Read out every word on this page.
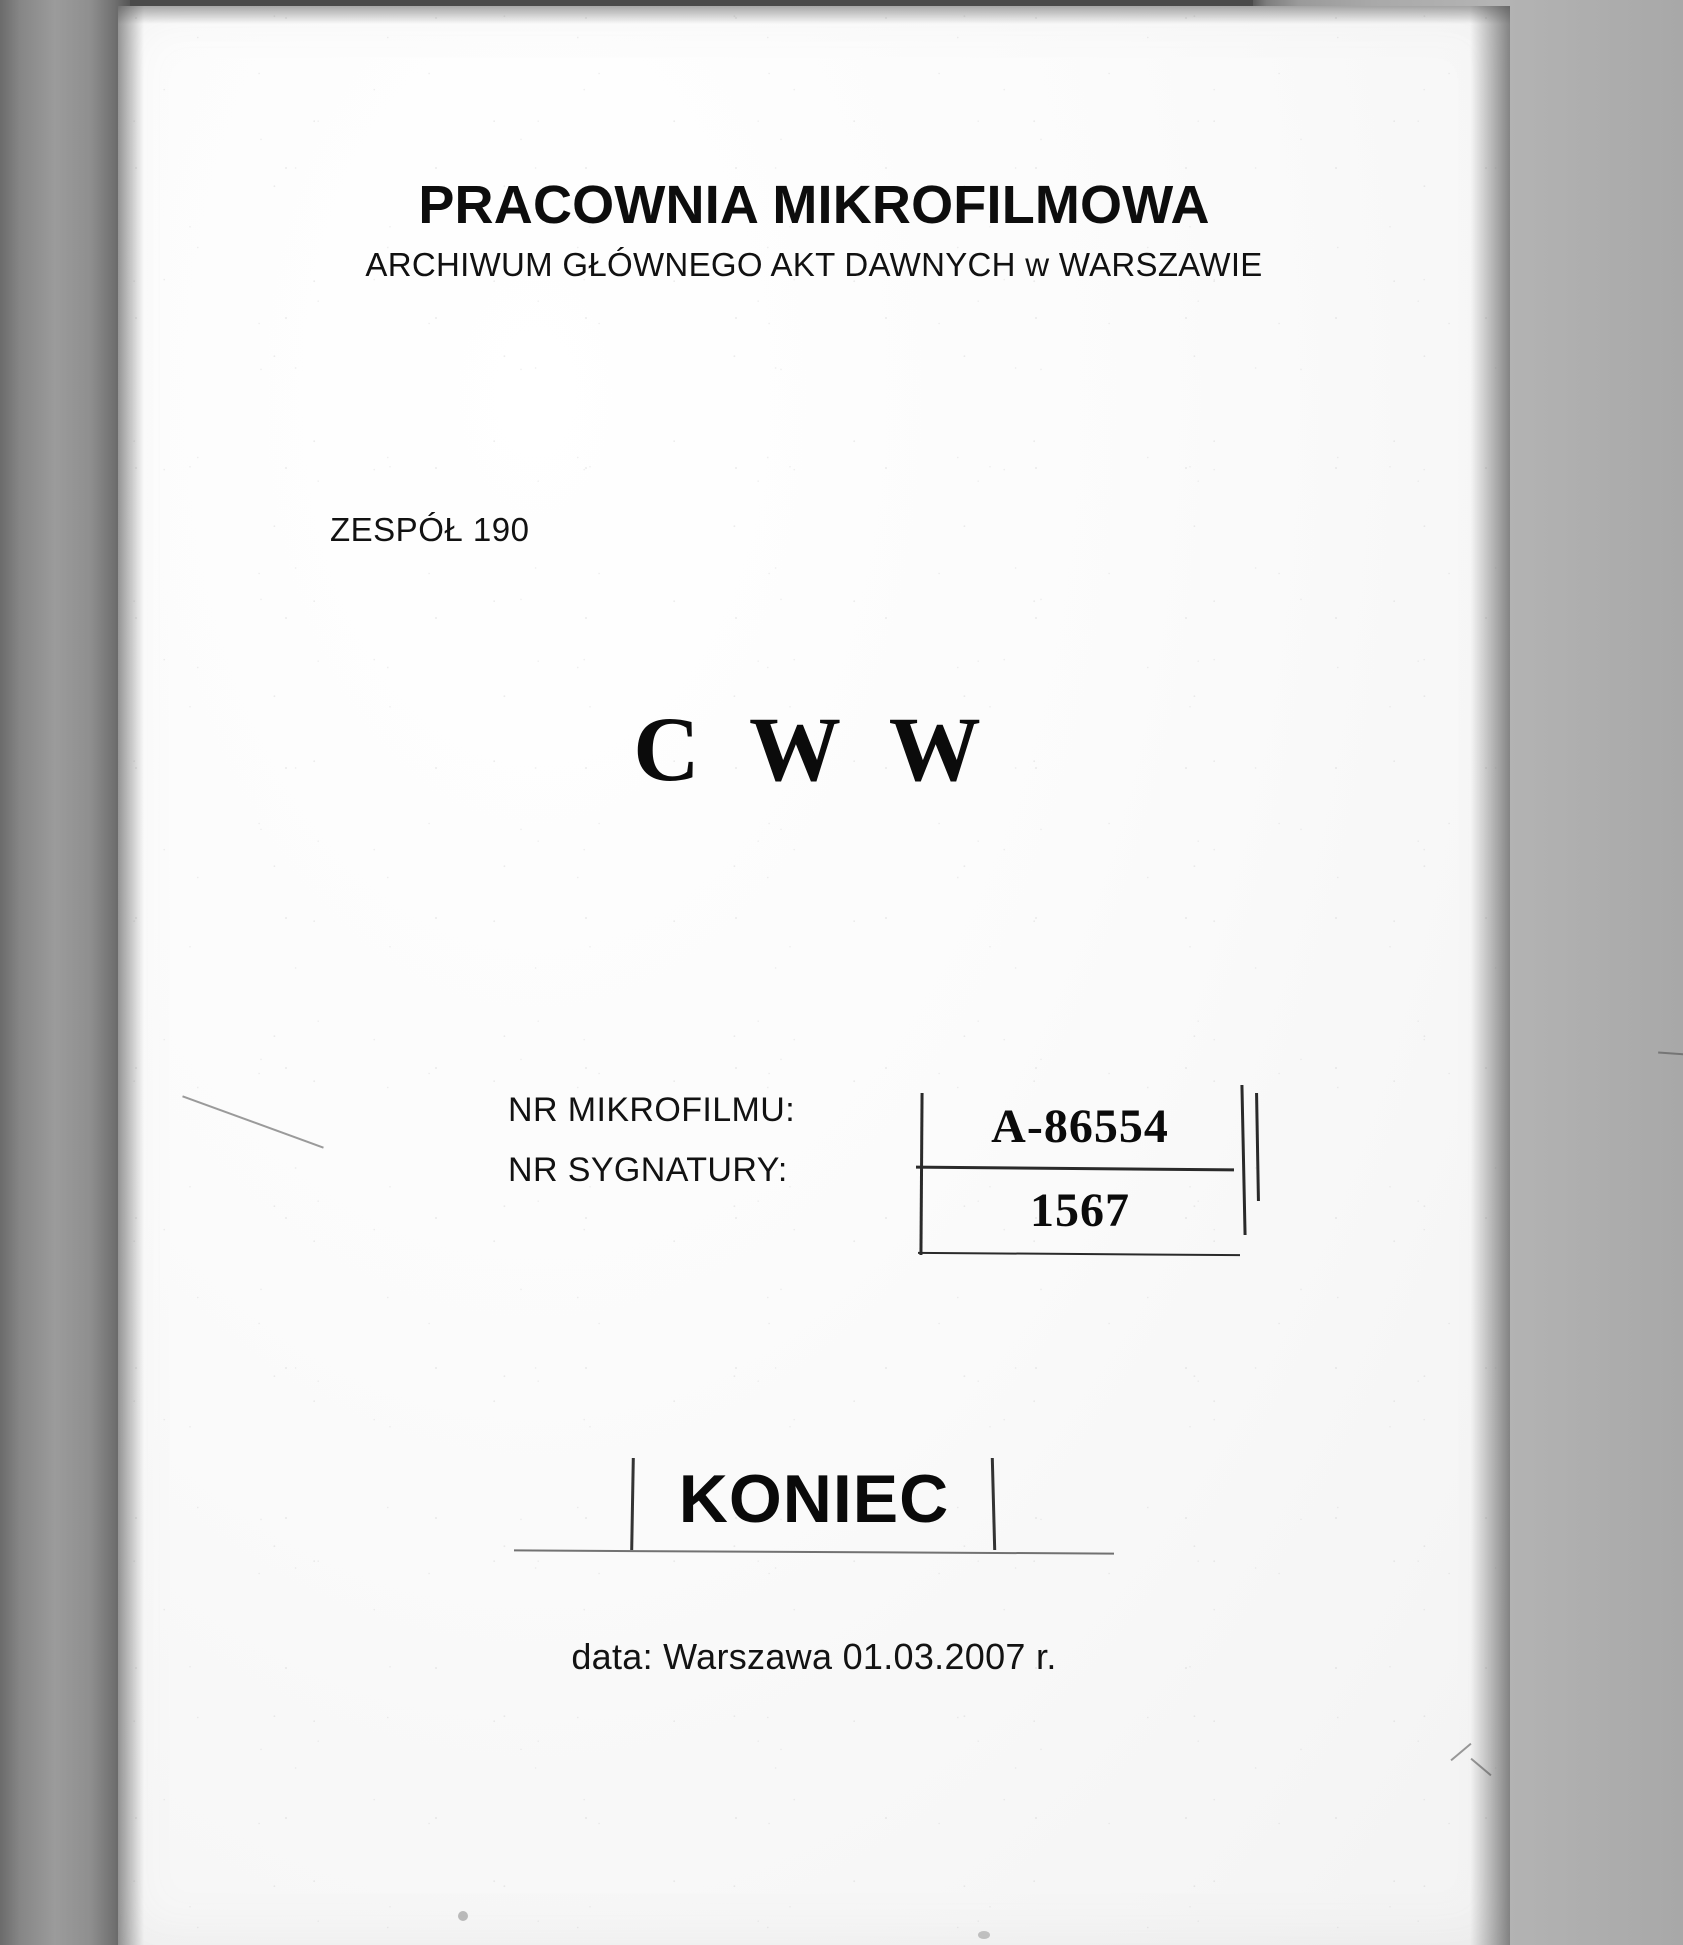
PRACOWNIA MIKROFILMOWA
ARCHIWUM GŁÓWNEGO AKT DAWNYCH w WARSZAWIE
ZESPÓŁ 190
C W W
NR MIKROFILMU:
NR SYGNATURY:
A-86554
1567
KONIEC
data: Warszawa 01.03.2007 r.
